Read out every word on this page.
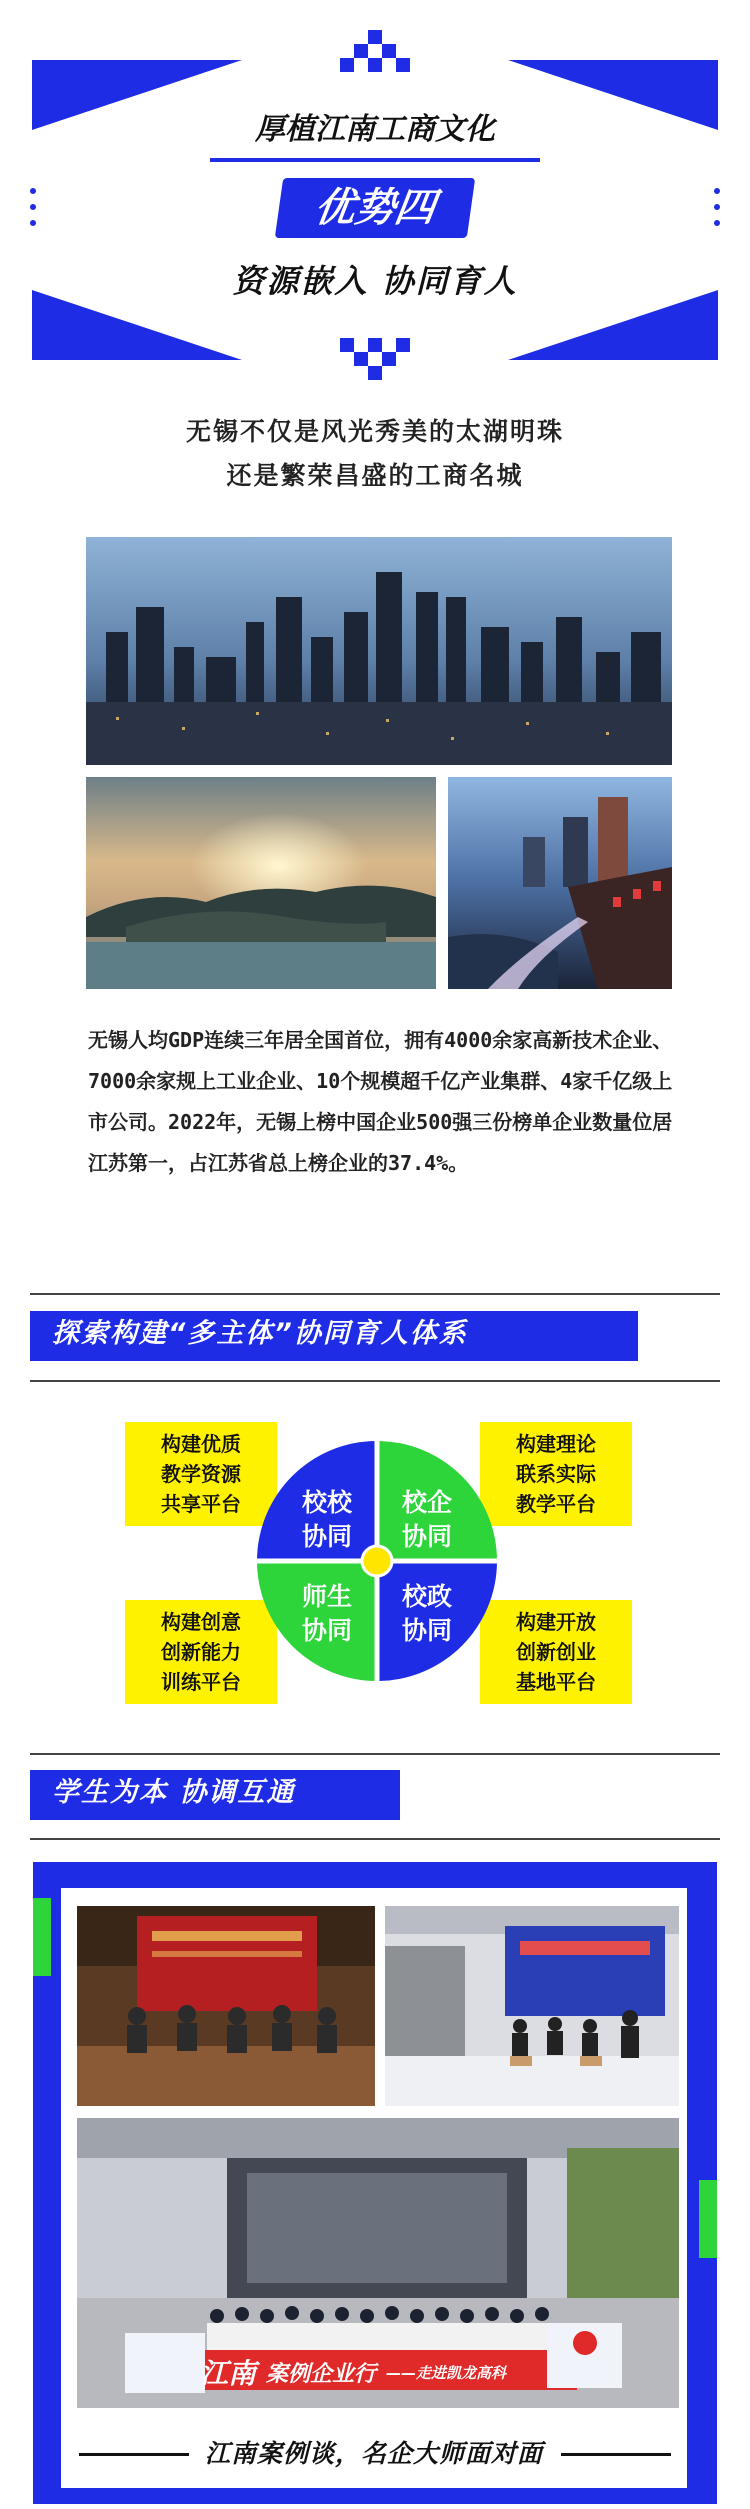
厚植江南工商文化
优势四
资源嵌入 协同育人
无锡不仅是风光秀美的太湖明珠
还是繁荣昌盛的工商名城
无锡人均GDP连续三年居全国首位，拥有4000余家高新技术企业、7000余家规上工业企业、10个规模超千亿产业集群、4家千亿级上市公司。2022年，无锡上榜中国企业500强三份榜单企业数量位居江苏第一，占江苏省总上榜企业的37.4%。
探索构建“多主体”协同育人体系
构建优质
教学资源
共享平台
构建理论
联系实际
教学平台
构建创意
创新能力
训练平台
构建开放
创新创业
基地平台
校校
协同
校企
协同
师生
协同
校政
协同
学生为本 协调互通
江南 案例企业行 ——走进凯龙高科
江南案例谈，名企大师面对面
